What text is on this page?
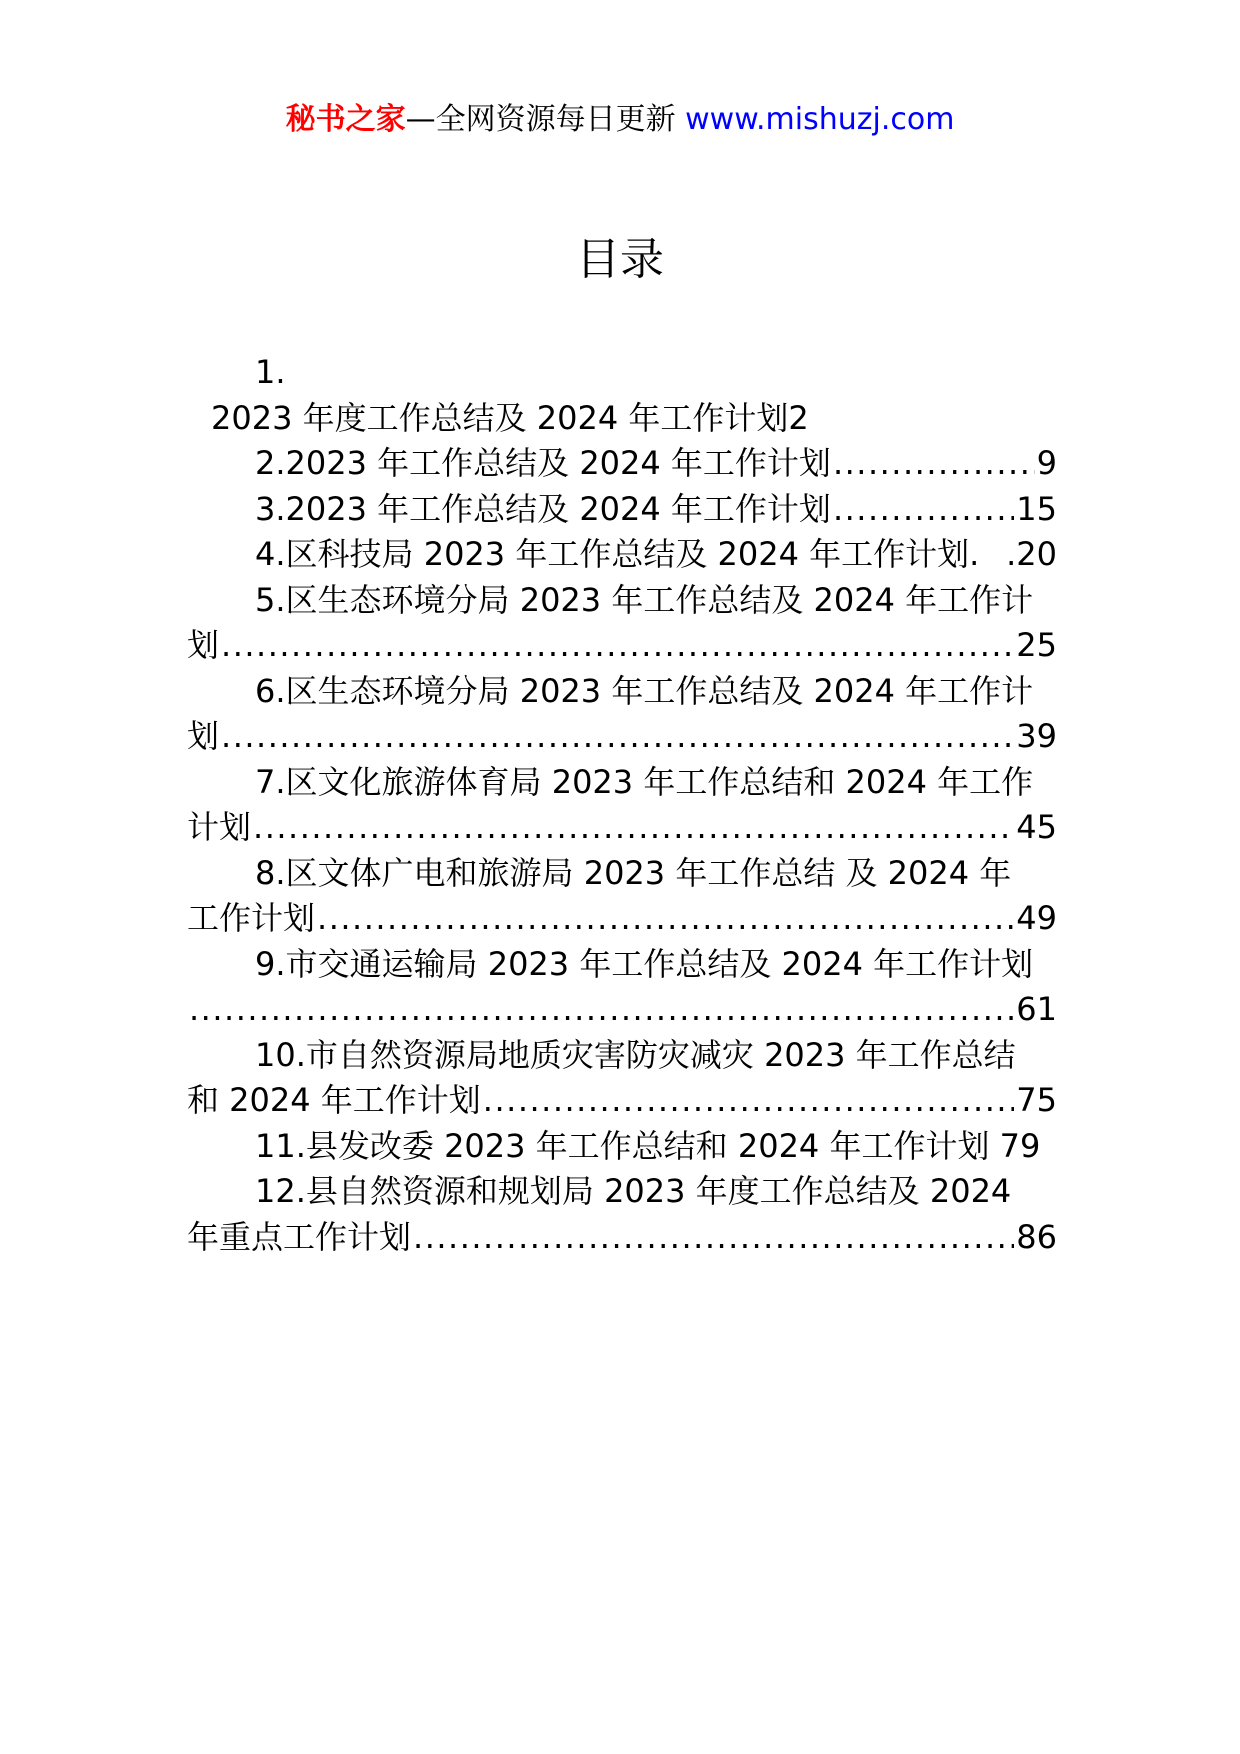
秘书之家—全网资源每日更新 www.mishuzj.com
目录
1.
2023 年度工作总结及 2024 年工作计划2
2.2023 年工作总结及 2024 年工作计划 .....	9
3.2023 年工作总结及 2024 年工作计划 .....	15
4.区科技局 2023 年工作总结及 2024 年工作计划. . 20
5.区生态环境分局 2023 年工作总结及 2024 年工作计
划 .....	25
6.区生态环境分局 2023 年工作总结及 2024 年工作计
划 .....	39
7.区文化旅游体育局 2023 年工作总结和 2024 年工作
计划 .....	45
8.区文体广电和旅游局 2023 年工作总结 及 2024 年
工作计划 .....	49
9.市交通运输局 2023 年工作总结及 2024 年工作计划
.....
61
10.市自然资源局地质灾害防灾减灾 2023 年工作总结
和 2024 年工作计划 .....	75
11.县发改委 2023 年工作总结和 2024 年工作计划 79
12.县自然资源和规划局 2023 年度工作总结及 2024
年重点工作计划 .....	86
